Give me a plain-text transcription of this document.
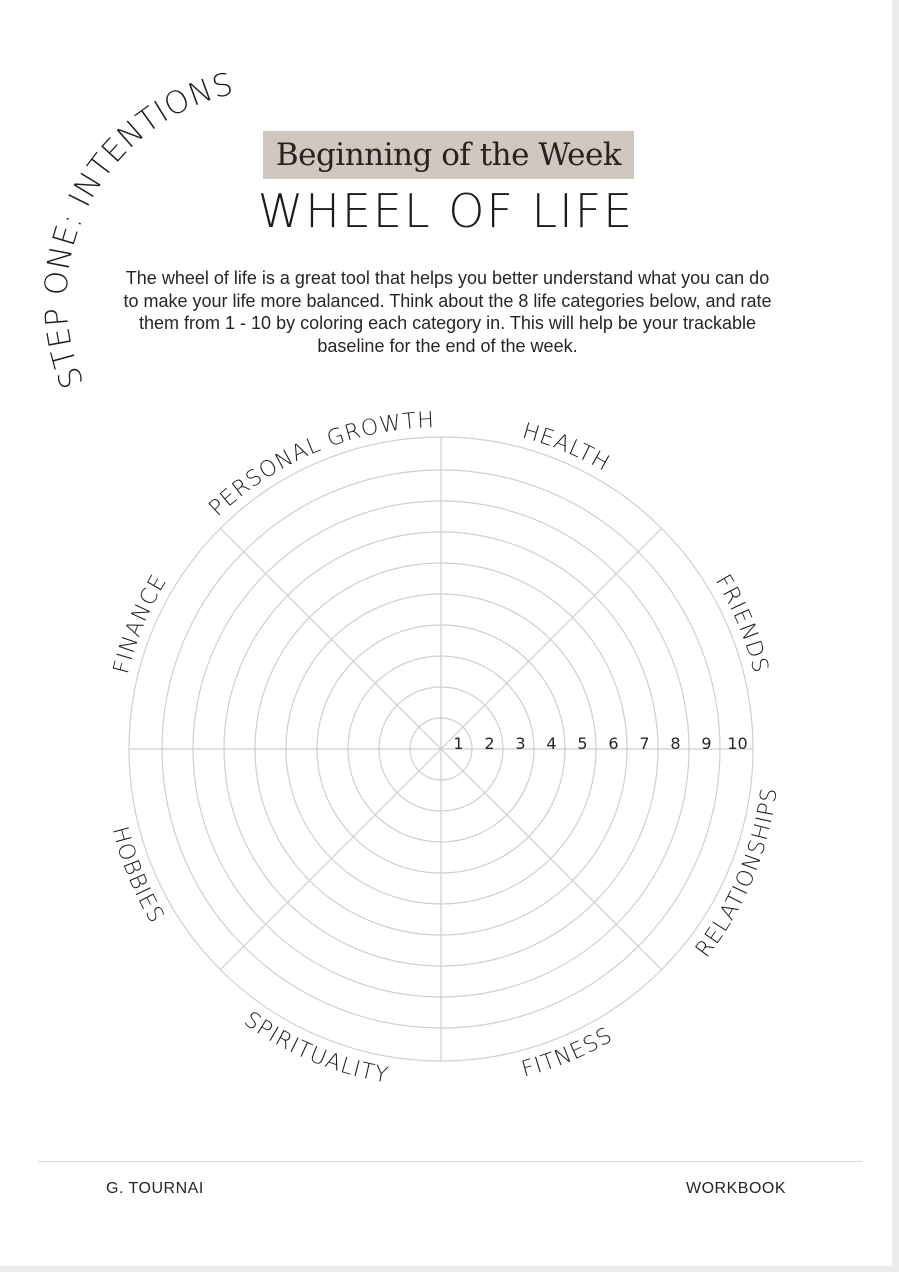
STEP ONE: INTENTIONS
Beginning of the Week
WHEEL OF LIFE

The wheel of life is a great tool that helps you better understand what you can do to make your life more balanced. Think about the 8 life categories below, and rate them from 1 - 10 by coloring each category in. This will help be your trackable baseline for the end of the week.

1 2 3 4 5 6 7 8 9 10
HEALTH
FRIENDS
RELATIONSHIPS
FITNESS
SPIRITUALITY
HOBBIES
FINANCE
PERSONAL GROWTH
G. TOURNAI	WORKBOOK
